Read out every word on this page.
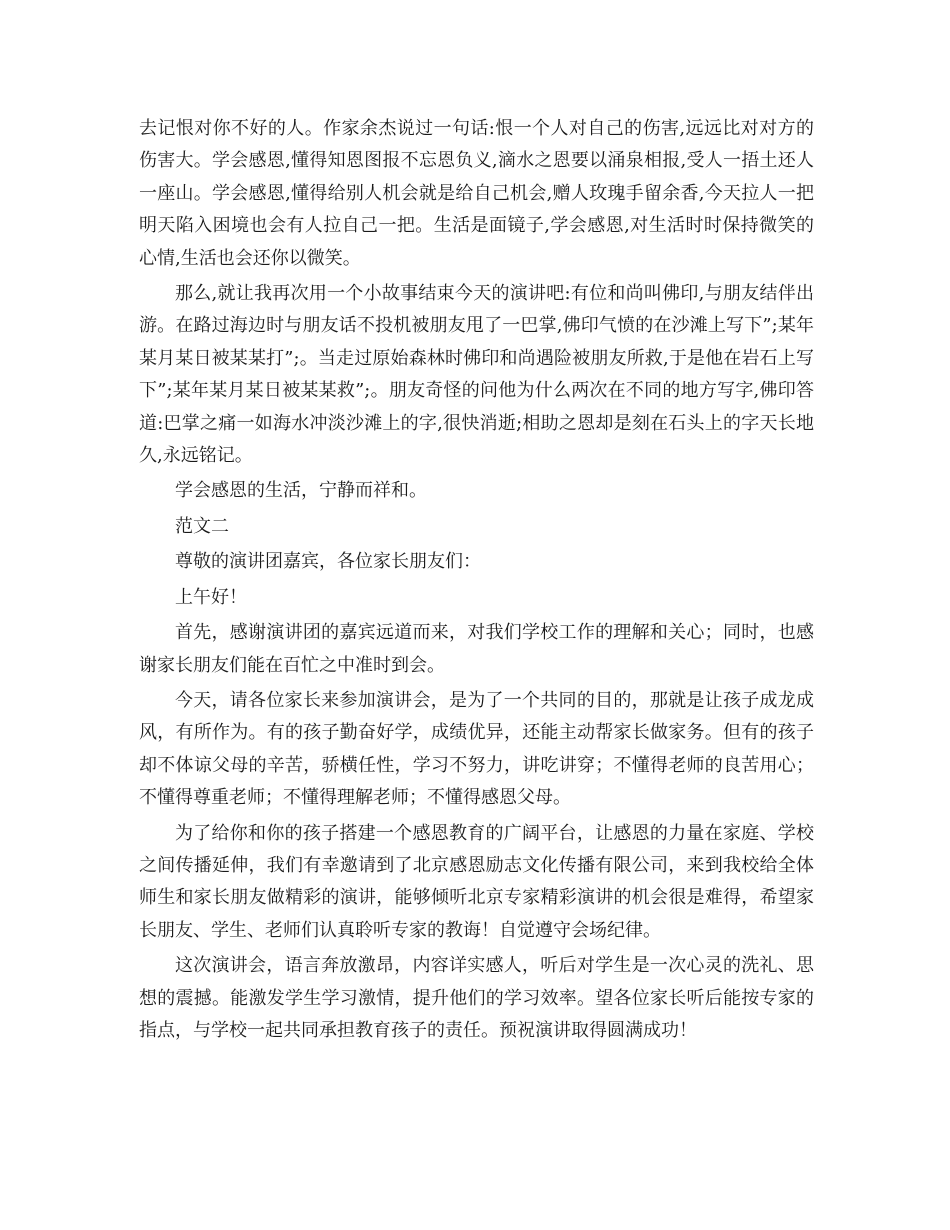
去记恨对你不好的人。作家余杰说过一句话:恨一个人对自己的伤害,远远比对对方的伤害大。学会感恩,懂得知恩图报不忘恩负义,滴水之恩要以涌泉相报,受人一捂土还人一座山。学会感恩,懂得给别人机会就是给自己机会,赠人玫瑰手留余香,今天拉人一把明天陷入困境也会有人拉自己一把。生活是面镜子,学会感恩,对生活时时保持微笑的心情,生活也会还你以微笑。

那么,就让我再次用一个小故事结束今天的演讲吧:有位和尚叫佛印,与朋友结伴出游。在路过海边时与朋友话不投机被朋友甩了一巴掌,佛印气愤的在沙滩上写下”;某年某月某日被某某打”;。当走过原始森林时佛印和尚遇险被朋友所救,于是他在岩石上写下”;某年某月某日被某某救”;。朋友奇怪的问他为什么两次在不同的地方写字,佛印答道:巴掌之痛一如海水冲淡沙滩上的字,很快消逝;相助之恩却是刻在石头上的字天长地久,永远铭记。

学会感恩的生活，宁静而祥和。

范文二

尊敬的演讲团嘉宾，各位家长朋友们：

上午好！

首先，感谢演讲团的嘉宾远道而来，对我们学校工作的理解和关心；同时，也感谢家长朋友们能在百忙之中准时到会。

今天，请各位家长来参加演讲会，是为了一个共同的目的，那就是让孩子成龙成风，有所作为。有的孩子勤奋好学，成绩优异，还能主动帮家长做家务。但有的孩子却不体谅父母的辛苦，骄横任性，学习不努力，讲吃讲穿；不懂得老师的良苦用心；不懂得尊重老师；不懂得理解老师；不懂得感恩父母。

为了给你和你的孩子搭建一个感恩教育的广阔平台，让感恩的力量在家庭、学校之间传播延伸，我们有幸邀请到了北京感恩励志文化传播有限公司，来到我校给全体师生和家长朋友做精彩的演讲，能够倾听北京专家精彩演讲的机会很是难得，希望家长朋友、学生、老师们认真聆听专家的教诲！自觉遵守会场纪律。

这次演讲会，语言奔放激昂，内容详实感人，听后对学生是一次心灵的洗礼、思想的震撼。能激发学生学习激情，提升他们的学习效率。望各位家长听后能按专家的指点，与学校一起共同承担教育孩子的责任。预祝演讲取得圆满成功！
